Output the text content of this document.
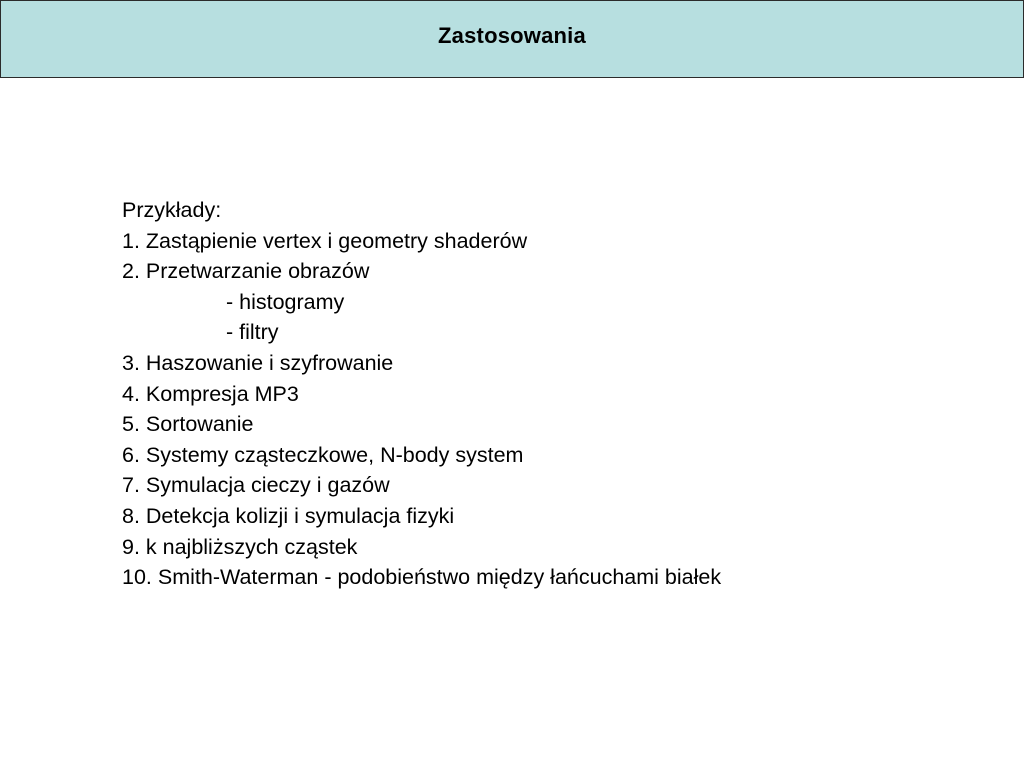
Zastosowania
Przykłady:
1. Zastąpienie vertex i geometry shaderów
2. Przetwarzanie obrazów
- histogramy
- filtry
3. Haszowanie i szyfrowanie
4. Kompresja MP3
5. Sortowanie
6. Systemy cząsteczkowe, N-body system
7. Symulacja cieczy i gazów
8. Detekcja kolizji i symulacja fizyki
9. k najbliższych cząstek
10. Smith-Waterman - podobieństwo między łańcuchami białek
